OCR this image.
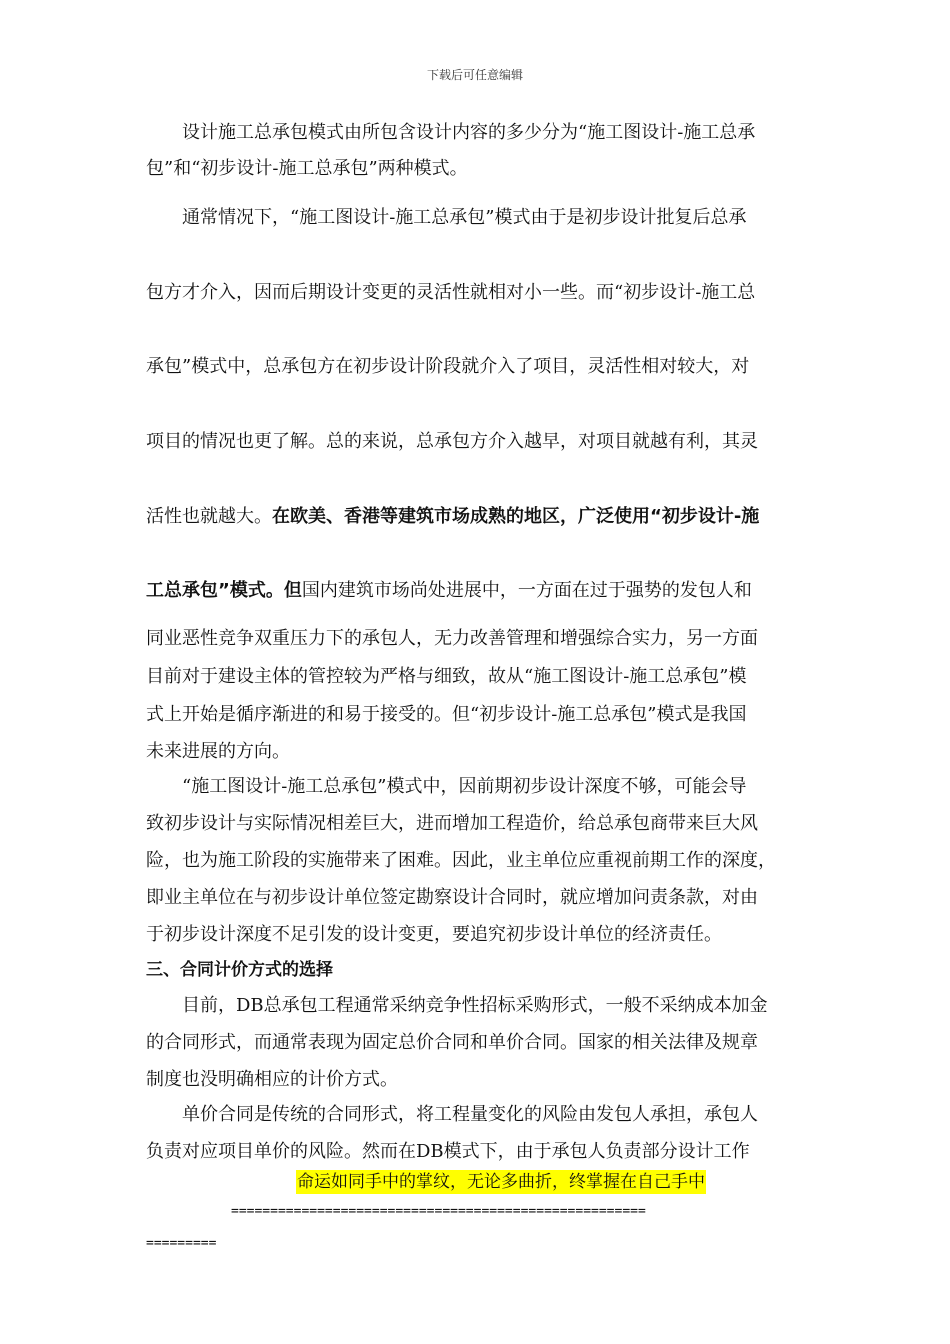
下载后可任意编辑
设计施工总承包模式由所包含设计内容的多少分为“施工图设计-施工总承
包”和“初步设计-施工总承包”两种模式。
通常情况下，“施工图设计-施工总承包”模式由于是初步设计批复后总承
包方才介入，因而后期设计变更的灵活性就相对小一些。而“初步设计-施工总
承包”模式中，总承包方在初步设计阶段就介入了项目，灵活性相对较大，对
项目的情况也更了解。总的来说，总承包方介入越早，对项目就越有利，其灵
活性也就越大。在欧美、香港等建筑市场成熟的地区，广泛使用“初步设计-施
工总承包”模式。但国内建筑市场尚处进展中，一方面在过于强势的发包人和
同业恶性竞争双重压力下的承包人，无力改善管理和增强综合实力，另一方面
目前对于建设主体的管控较为严格与细致，故从“施工图设计-施工总承包”模
式上开始是循序渐进的和易于接受的。但“初步设计-施工总承包”模式是我国
未来进展的方向。
“施工图设计-施工总承包”模式中，因前期初步设计深度不够，可能会导
致初步设计与实际情况相差巨大，进而增加工程造价，给总承包商带来巨大风
险，也为施工阶段的实施带来了困难。因此，业主单位应重视前期工作的深度，
即业主单位在与初步设计单位签定勘察设计合同时，就应增加问责条款，对由
于初步设计深度不足引发的设计变更，要追究初步设计单位的经济责任。
三、合同计价方式的选择
目前，DB总承包工程通常采纳竞争性招标采购形式，一般不采纳成本加金
的合同形式，而通常表现为固定总价合同和单价合同。国家的相关法律及规章
制度也没明确相应的计价方式。
单价合同是传统的合同形式，将工程量变化的风险由发包人承担，承包人
负责对应项目单价的风险。然而在DB模式下，由于承包人负责部分设计工作
命运如同手中的掌纹，无论多曲折，终掌握在自己手中
=====================================================
=========
